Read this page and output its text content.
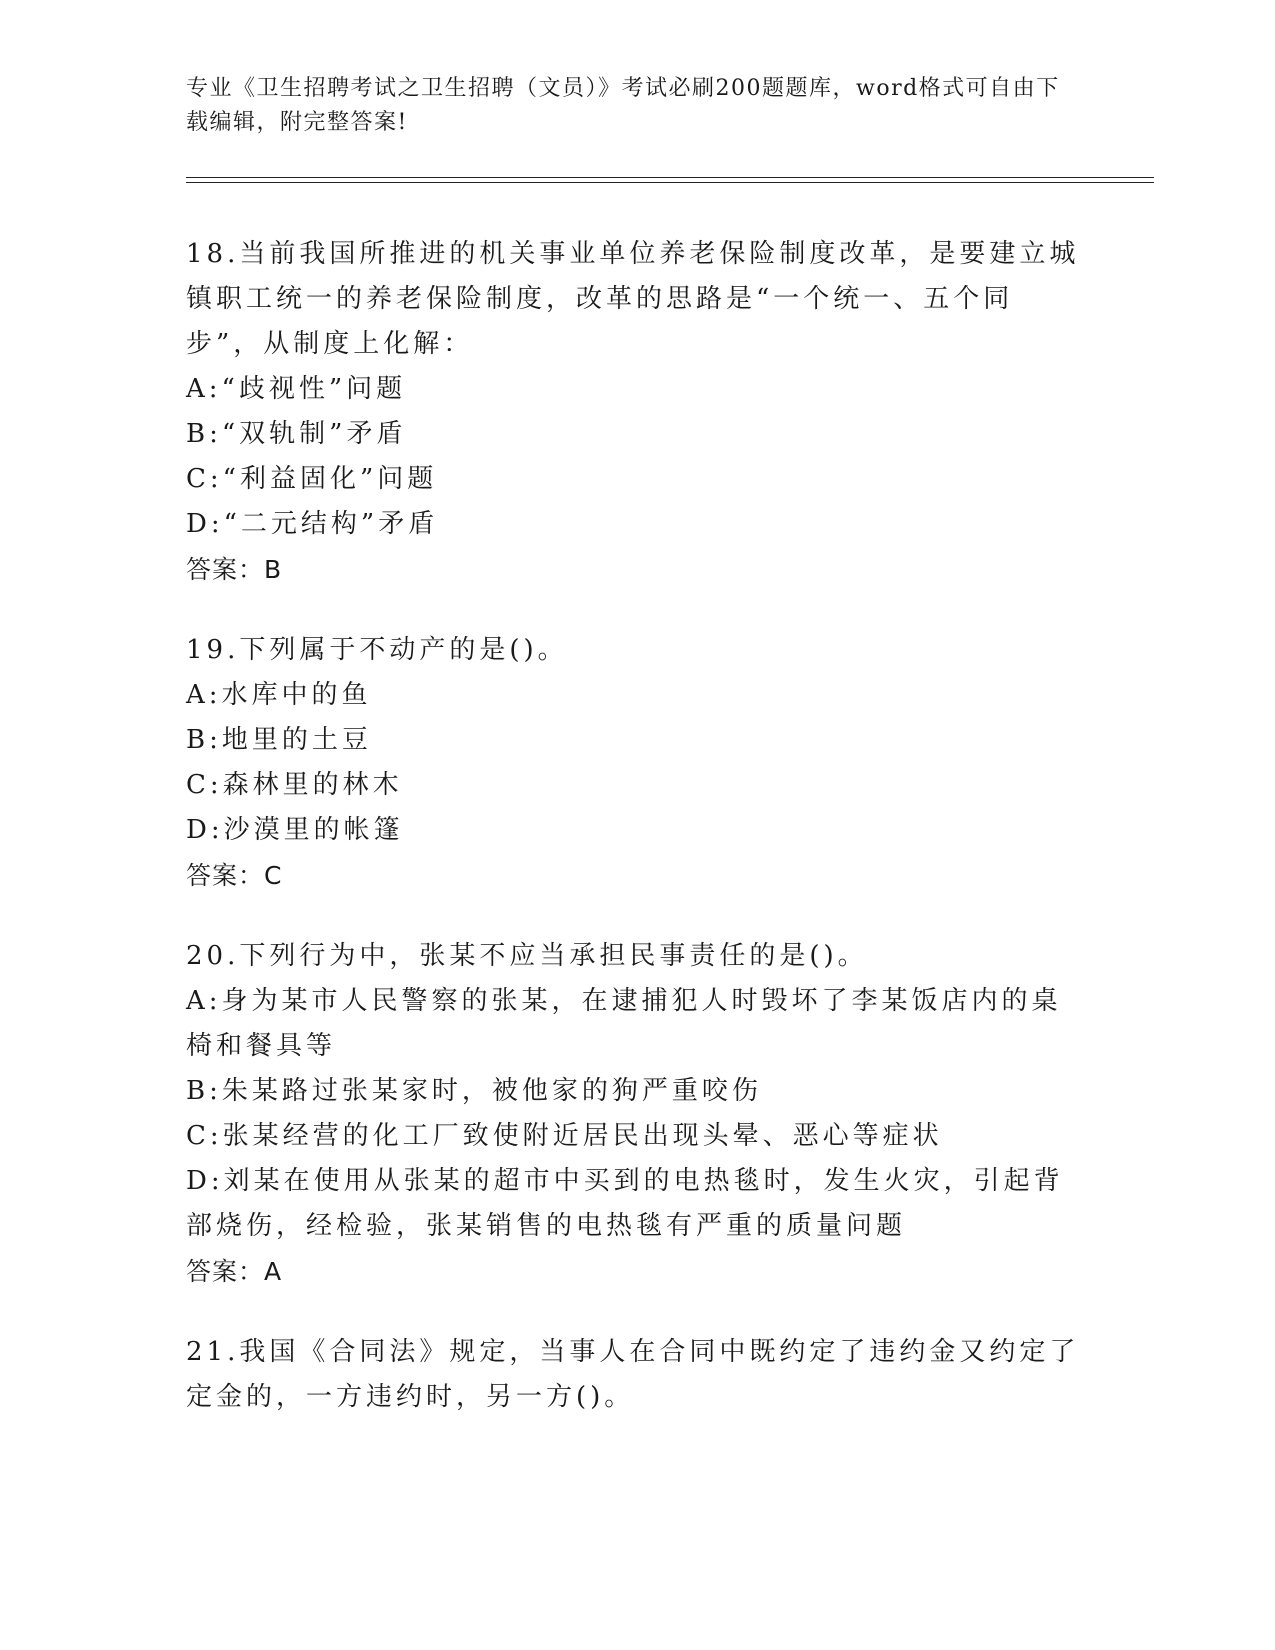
专业《卫生招聘考试之卫生招聘（文员）》考试必刷200题题库，word格式可自由下载编辑，附完整答案!
18.当前我国所推进的机关事业单位养老保险制度改革，是要建立城镇职工统一的养老保险制度，改革的思路是“一个统一、五个同步”，从制度上化解：
A:“歧视性”问题
B:“双轨制”矛盾
C:“利益固化”问题
D:“二元结构”矛盾
答案：B
19.下列属于不动产的是()。
A:水库中的鱼
B:地里的土豆
C:森林里的林木
D:沙漠里的帐篷
答案：C
20.下列行为中，张某不应当承担民事责任的是()。
A:身为某市人民警察的张某，在逮捕犯人时毁坏了李某饭店内的桌椅和餐具等
B:朱某路过张某家时，被他家的狗严重咬伤
C:张某经营的化工厂致使附近居民出现头晕、恶心等症状
D:刘某在使用从张某的超市中买到的电热毯时，发生火灾，引起背部烧伤，经检验，张某销售的电热毯有严重的质量问题
答案：A
21.我国《合同法》规定，当事人在合同中既约定了违约金又约定了定金的，一方违约时，另一方()。
